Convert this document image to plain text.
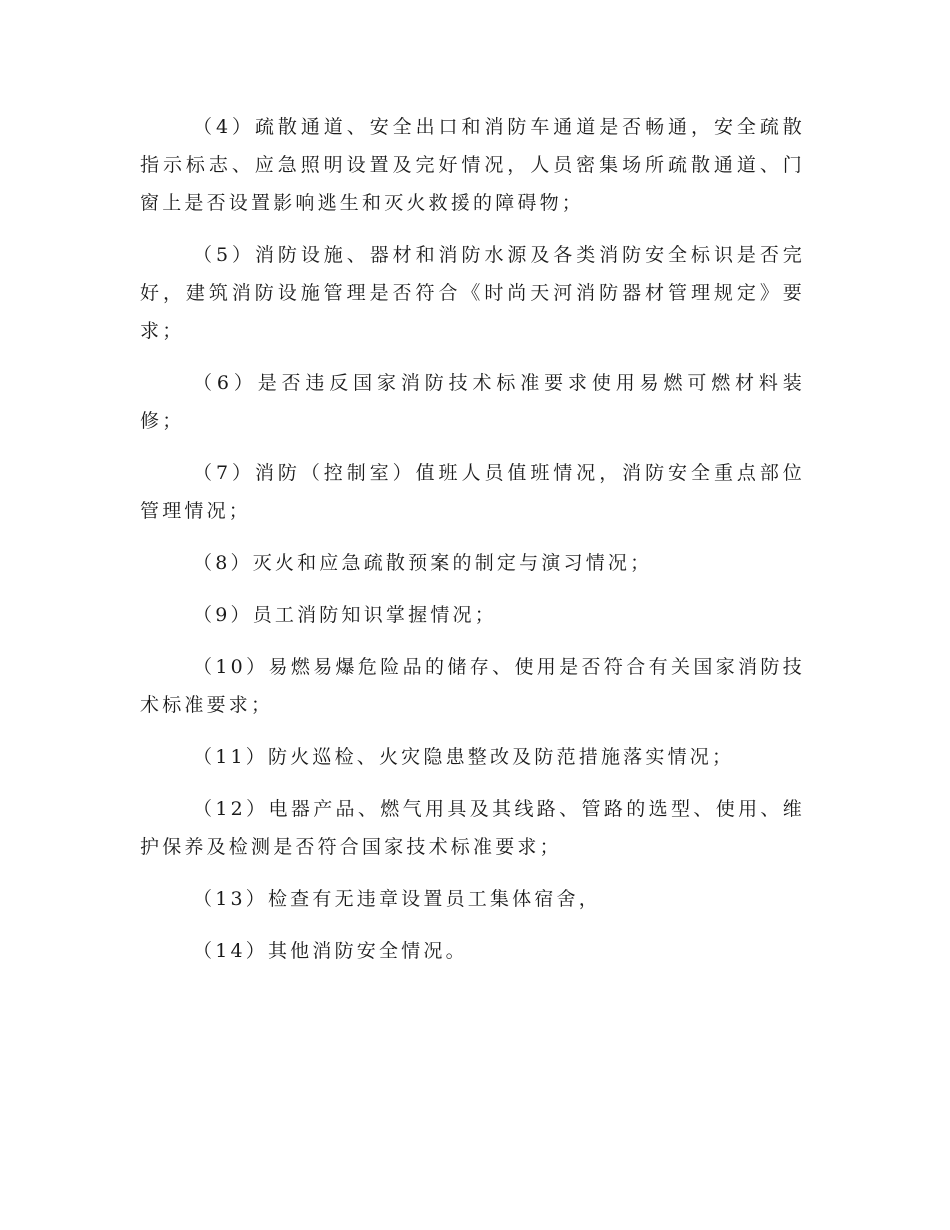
（4）疏散通道、安全出口和消防车通道是否畅通，安全疏散指示标志、应急照明设置及完好情况，人员密集场所疏散通道、门窗上是否设置影响逃生和灭火救援的障碍物；

（5）消防设施、器材和消防水源及各类消防安全标识是否完好，建筑消防设施管理是否符合《时尚天河消防器材管理规定》要求；

（6）是否违反国家消防技术标准要求使用易燃可燃材料装修；

（7）消防（控制室）值班人员值班情况，消防安全重点部位管理情况；

（8）灭火和应急疏散预案的制定与演习情况；

（9）员工消防知识掌握情况；

（10）易燃易爆危险品的储存、使用是否符合有关国家消防技术标准要求；

（11）防火巡检、火灾隐患整改及防范措施落实情况；

（12）电器产品、燃气用具及其线路、管路的选型、使用、维护保养及检测是否符合国家技术标准要求；

（13）检查有无违章设置员工集体宿舍，

（14）其他消防安全情况。
